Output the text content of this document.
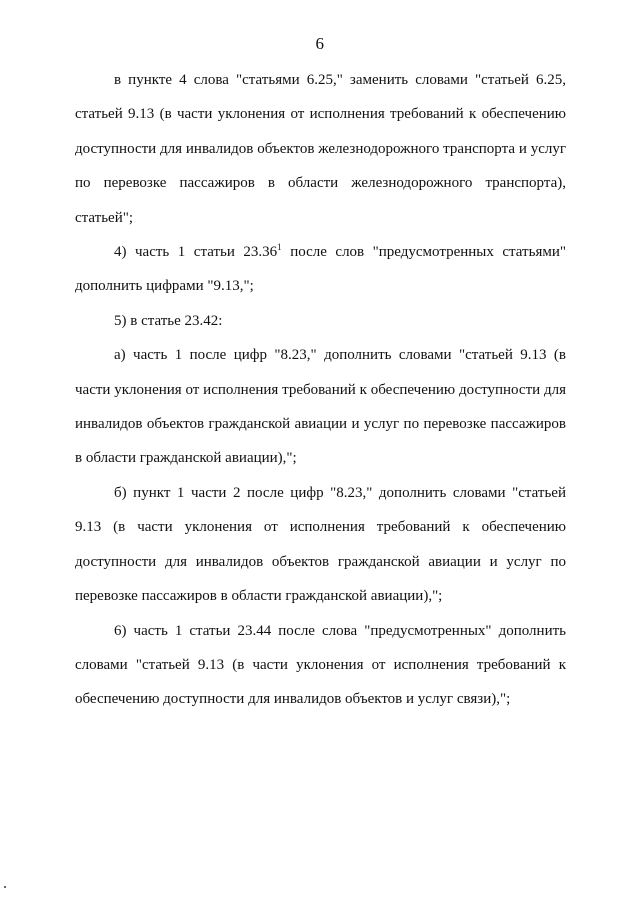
6

в пункте 4 слова "статьями 6.25," заменить словами "статьей 6.25, статьей 9.13 (в части уклонения от исполнения требований к обеспечению доступности для инвалидов объектов железнодорожного транспорта и услуг по перевозке пассажиров в области железнодорожного транспорта), статьей";

4) часть 1 статьи 23.36$^1$ после слов "предусмотренных статьями" дополнить цифрами "9.13,";

5) в статье 23.42:

а) часть 1 после цифр "8.23," дополнить словами "статьей 9.13 (в части уклонения от исполнения требований к обеспечению доступности для инвалидов объектов гражданской авиации и услуг по перевозке пассажиров в области гражданской авиации),";

б) пункт 1 части 2 после цифр "8.23," дополнить словами "статьей 9.13 (в части уклонения от исполнения требований к обеспечению доступности для инвалидов объектов гражданской авиации и услуг по перевозке пассажиров в области гражданской авиации),";

6) часть 1 статьи 23.44 после слова "предусмотренных" дополнить словами "статьей 9.13 (в части уклонения от исполнения требований к обеспечению доступности для инвалидов объектов и услуг связи),";
